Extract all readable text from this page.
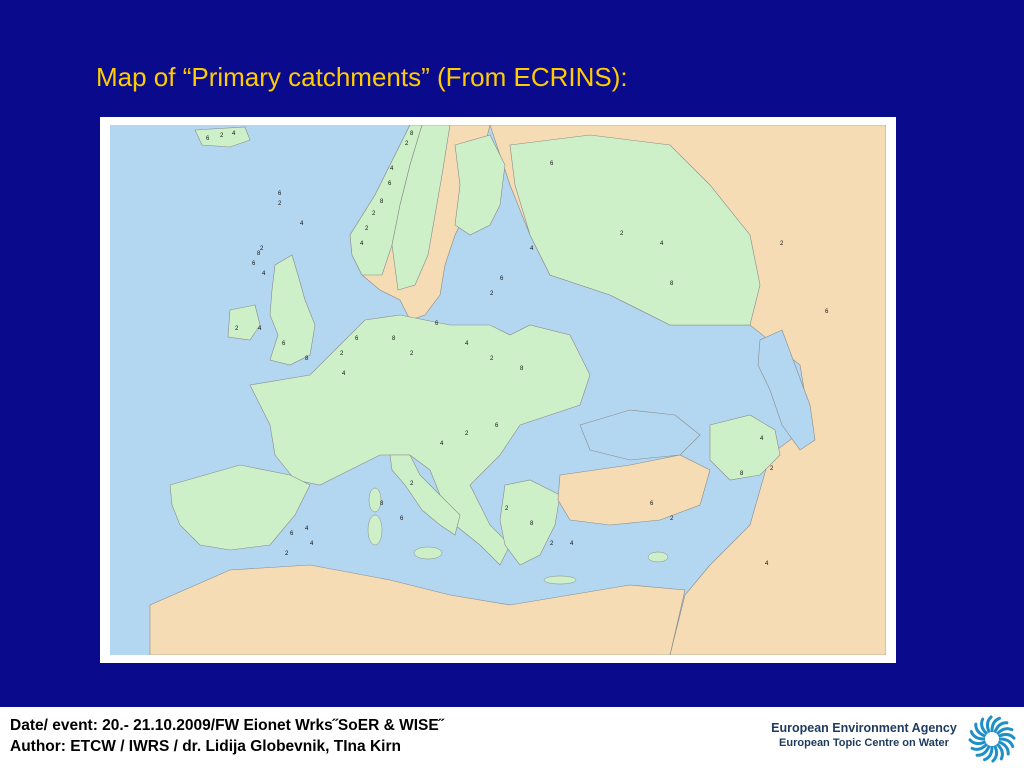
Map of “Primary catchments” (From ECRINS):
2 4
6
8
2
4
6
8
2
2
4
6
2
4
8
6
2
4
2	4
6
8
2
4
6	8
2
6
4
2
8
6
2
4
6
2
4
8
2
6
4
2
8
6
2
4
2
6
8
4
2
6
4
2
8
2	4
6
2
4
Date/ event: 20.- 21.10.2009/FW Eionet Wrks˝SoER & WISE˝
Author: ETCW / IWRS / dr. Lidija Globevnik, TIna Kirn
European Environment Agency
European Topic Centre on Water
